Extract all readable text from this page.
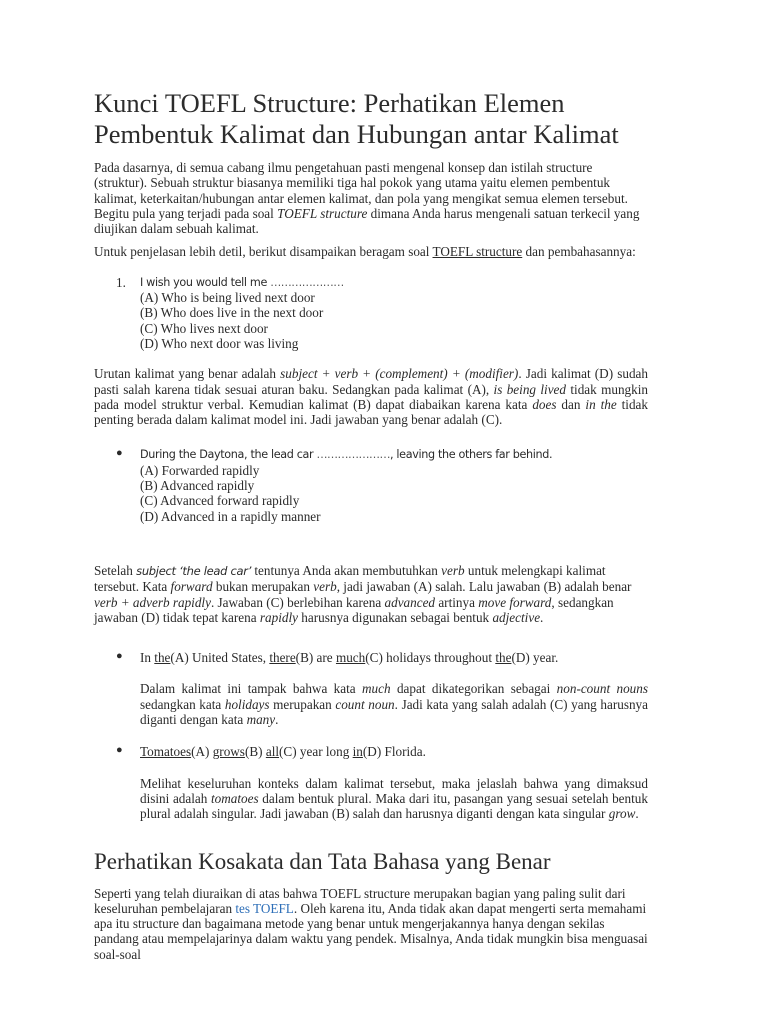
Kunci TOEFL Structure: Perhatikan Elemen Pembentuk Kalimat dan Hubungan antar Kalimat

Pada dasarnya, di semua cabang ilmu pengetahuan pasti mengenal konsep dan istilah structure (struktur). Sebuah struktur biasanya memiliki tiga hal pokok yang utama yaitu elemen pembentuk kalimat, keterkaitan/hubungan antar elemen kalimat, dan pola yang mengikat semua elemen tersebut. Begitu pula yang terjadi pada soal TOEFL structure dimana Anda harus mengenali satuan terkecil yang diujikan dalam sebuah kalimat.

Untuk penjelasan lebih detil, berikut disampaikan beragam soal TOEFL structure dan pembahasannya:

1. I wish you would tell me …………………
(A) Who is being lived next door
(B) Who does live in the next door
(C) Who lives next door
(D) Who next door was living

Urutan kalimat yang benar adalah subject + verb + (complement) + (modifier). Jadi kalimat (D) sudah pasti salah karena tidak sesuai aturan baku. Sedangkan pada kalimat (A), is being lived tidak mungkin pada model struktur verbal. Kemudian kalimat (B) dapat diabaikan karena kata does dan in the tidak penting berada dalam kalimat model ini. Jadi jawaban yang benar adalah (C).

● During the Daytona, the lead car …………………, leaving the others far behind.
(A) Forwarded rapidly
(B) Advanced rapidly
(C) Advanced forward rapidly
(D) Advanced in a rapidly manner

Setelah subject ‘the lead car’ tentunya Anda akan membutuhkan verb untuk melengkapi kalimat tersebut. Kata forward bukan merupakan verb, jadi jawaban (A) salah. Lalu jawaban (B) adalah benar verb + adverb rapidly. Jawaban (C) berlebihan karena advanced artinya move forward, sedangkan jawaban (D) tidak tepat karena rapidly harusnya digunakan sebagai bentuk adjective.

● In the(A) United States, there(B) are much(C) holidays throughout the(D) year.

Dalam kalimat ini tampak bahwa kata much dapat dikategorikan sebagai non-count nouns sedangkan kata holidays merupakan count noun. Jadi kata yang salah adalah (C) yang harusnya diganti dengan kata many.

● Tomatoes(A) grows(B) all(C) year long in(D) Florida.

Melihat keseluruhan konteks dalam kalimat tersebut, maka jelaslah bahwa yang dimaksud disini adalah tomatoes dalam bentuk plural. Maka dari itu, pasangan yang sesuai setelah bentuk plural adalah singular. Jadi jawaban (B) salah dan harusnya diganti dengan kata singular grow.

Perhatikan Kosakata dan Tata Bahasa yang Benar

Seperti yang telah diuraikan di atas bahwa TOEFL structure merupakan bagian yang paling sulit dari keseluruhan pembelajaran tes TOEFL. Oleh karena itu, Anda tidak akan dapat mengerti serta memahami apa itu structure dan bagaimana metode yang benar untuk mengerjakannya hanya dengan sekilas pandang atau mempelajarinya dalam waktu yang pendek. Misalnya, Anda tidak mungkin bisa menguasai soal-soal
